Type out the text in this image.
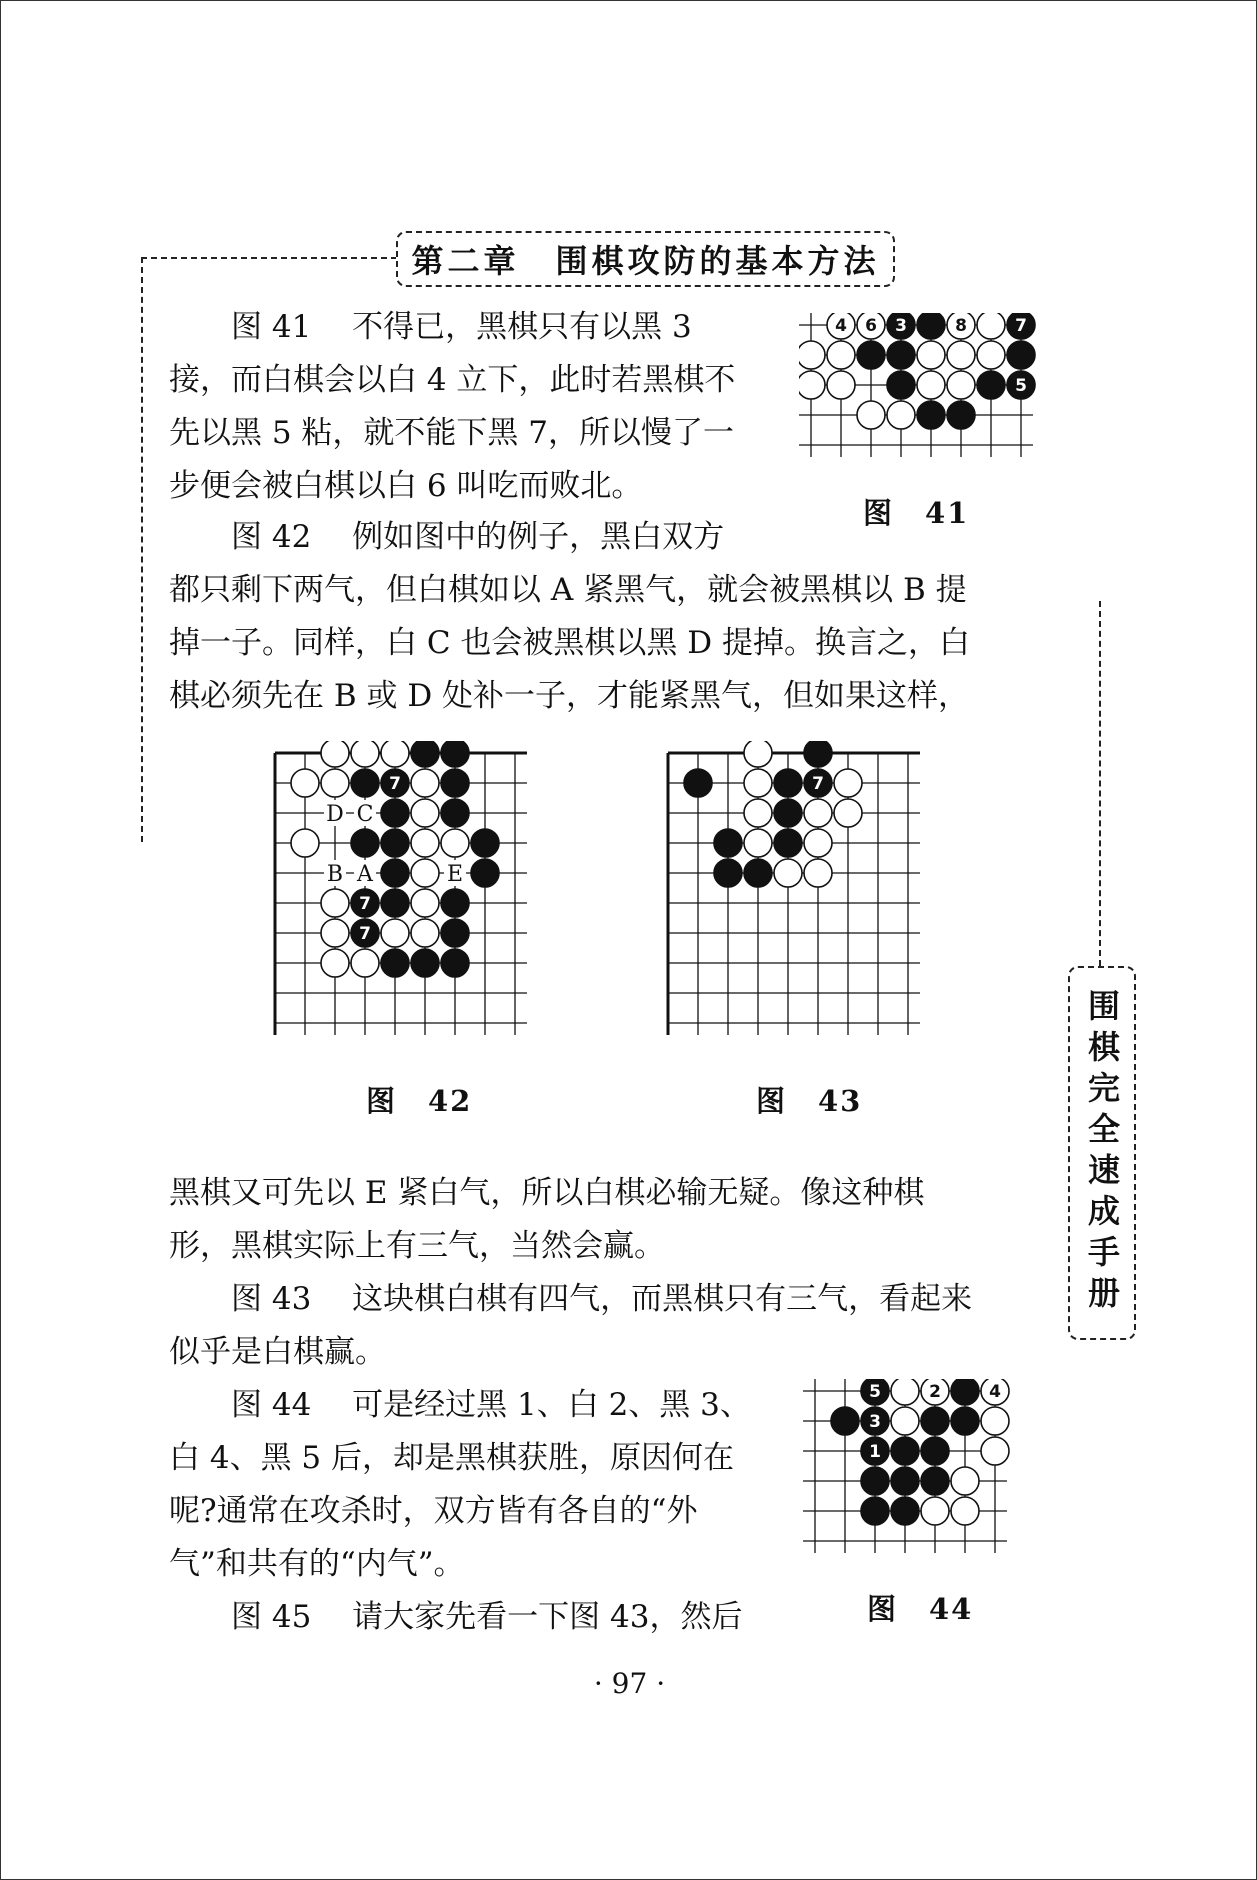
第二章　围棋攻防的基本方法
围棋完全速成手册
图 41　 不得已，黑棋只有以黑 3
接，而白棋会以白 4 立下，此时若黑棋不
先以黑 5 粘，就不能下黑 7，所以慢了一
步便会被白棋以白 6 叫吃而败北。
图 42　 例如图中的例子，黑白双方
都只剩下两气，但白棋如以 A 紧黑气，就会被黑棋以 B 提
掉一子。同样，白 C 也会被黑棋以黑 D 提掉。换言之，白
棋必须先在 B 或 D 处补一子，才能紧黑气，但如果这样，
4 6 3	8	7
5
图　41
7
7
7
D C
B A	E
图　42
7
图　43
黑棋又可先以 E 紧白气，所以白棋必输无疑。像这种棋
形，黑棋实际上有三气，当然会赢。
图 43　 这块棋白棋有四气，而黑棋只有三气，看起来
似乎是白棋赢。
图 44　 可是经过黑 1、白 2、黑 3、
白 4、黑 5 后，却是黑棋获胜，原因何在
呢?通常在攻杀时，双方皆有各自的“外
气”和共有的“内气”。
图 45　 请大家先看一下图 43，然后
5	2	4
3
1
图　44
· 97 ·
